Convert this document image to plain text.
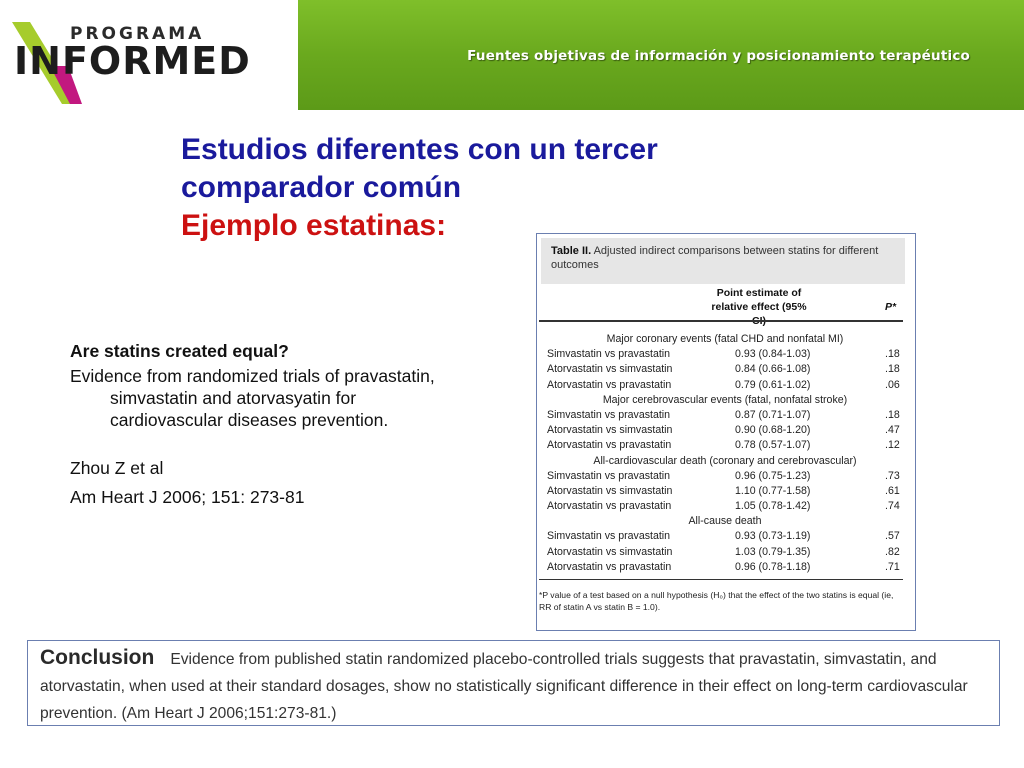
PROGRAMA
INFORMED	Fuentes objetivas de información y posicionamiento terapéutico
Estudios diferentes con un tercer
comparador común
Ejemplo estatinas:
Are statins created equal?
Evidence from randomized trials of pravastatin, simvastatin and atorvasyatin for cardiovascular diseases prevention.
Zhou Z et al
Am Heart J 2006; 151: 273-81
Table II. Adjusted indirect comparisons between statins for different outcomes
Point estimate of relative effect (95%	P*
Major coronary events (fatal CHD and nonfatal MI)
Simvastatin vs pravastatin	0.93 (0.84-1.03)	.18
Atorvastatin vs simvastatin	0.84 (0.66-1.08)	.18
Atorvastatin vs pravastatin	0.79 (0.61-1.02)	.06
Major cerebrovascular events (fatal, nonfatal stroke)
Simvastatin vs pravastatin	0.87 (0.71-1.07)	.18
Atorvastatin vs simvastatin	0.90 (0.68-1.20)	.47
Atorvastatin vs pravastatin	0.78 (0.57-1.07)	.12
All-cardiovascular death (coronary and cerebrovascular)
Simvastatin vs pravastatin	0.96 (0.75-1.23)	.73
Atorvastatin vs simvastatin	1.10 (0.77-1.58)	.61
Atorvastatin vs pravastatin	1.05 (0.78-1.42)	.74
All-cause death
Simvastatin vs pravastatin	0.93 (0.73-1.19)	.57
Atorvastatin vs simvastatin	1.03 (0.79-1.35)	.82
Atorvastatin vs pravastatin	0.96 (0.78-1.18)	.71
*P value of a test based on a null hypothesis (H₀) that the effect of the two statins is equal (ie, RR of statin A vs statin B = 1.0).
Conclusion Evidence from published statin randomized placebo-controlled trials suggests that pravastatin, simvastatin, and atorvastatin, when used at their standard dosages, show no statistically significant difference in their effect on long-term cardiovascular prevention. (Am Heart J 2006;151:273-81.)
